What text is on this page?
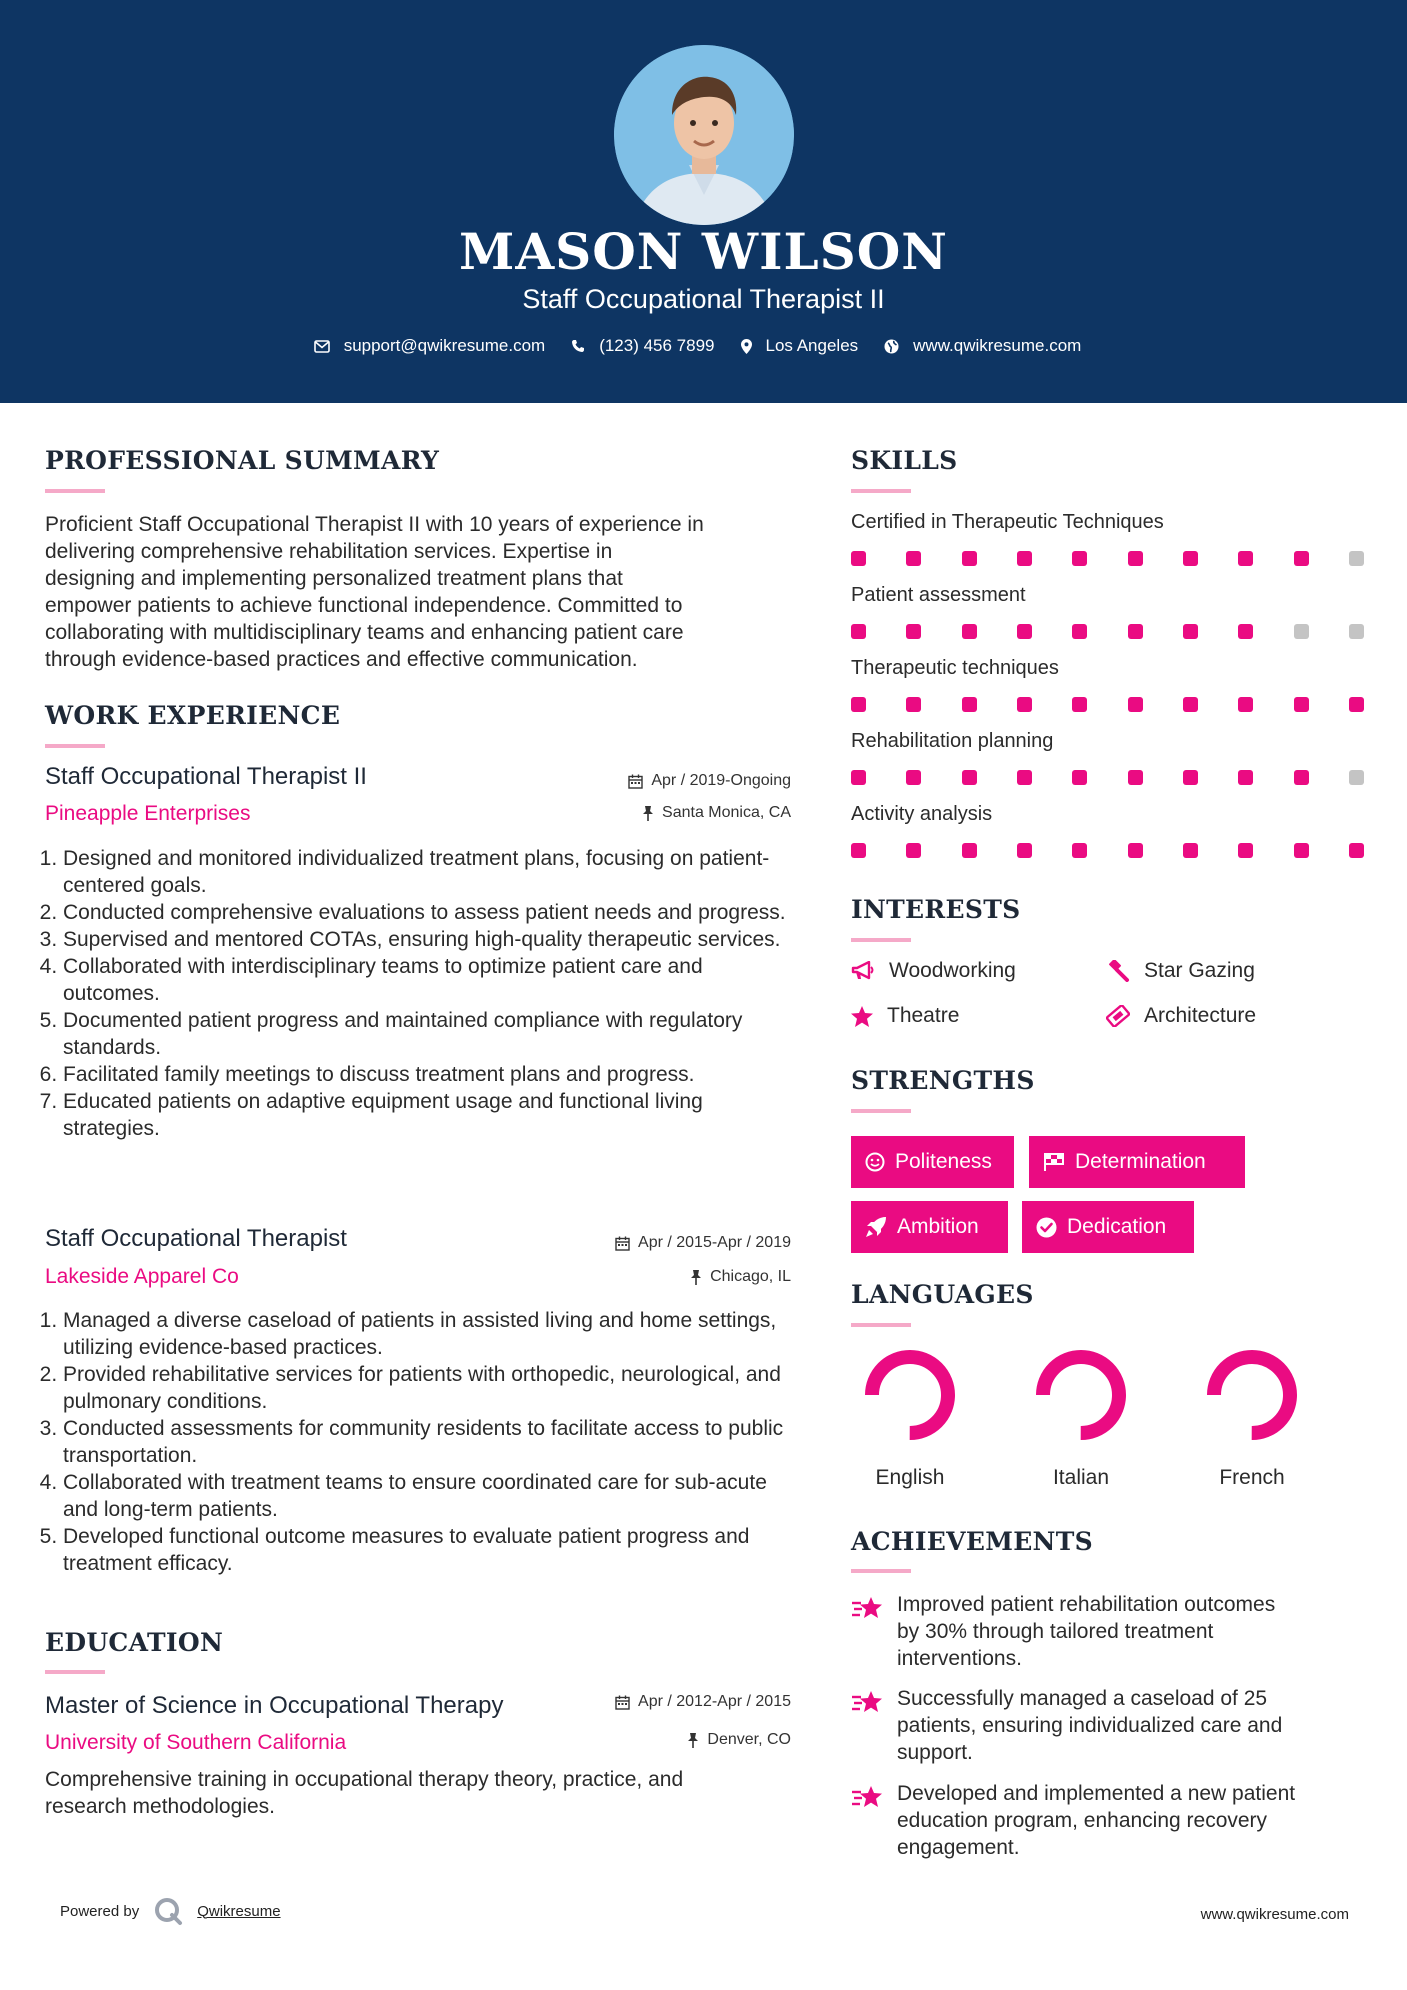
MASON WILSON
Staff Occupational Therapist II
support@qwikresume.com	(123) 456 7899	Los Angeles	www.qwikresume.com
PROFESSIONAL SUMMARY
Proficient Staff Occupational Therapist II with 10 years of experience in
delivering comprehensive rehabilitation services. Expertise in
designing and implementing personalized treatment plans that
empower patients to achieve functional independence. Committed to
collaborating with multidisciplinary teams and enhancing patient care
through evidence-based practices and effective communication.
WORK EXPERIENCE
Staff Occupational Therapist II
Pineapple Enterprises
Apr / 2019-Ongoing
Santa Monica, CA
1. Designed and monitored individualized treatment plans, focusing on patient-centered goals.
2. Conducted comprehensive evaluations to assess patient needs and progress.
3. Supervised and mentored COTAs, ensuring high-quality therapeutic services.
4. Collaborated with interdisciplinary teams to optimize patient care and outcomes.
5. Documented patient progress and maintained compliance with regulatory standards.
6. Facilitated family meetings to discuss treatment plans and progress.
7. Educated patients on adaptive equipment usage and functional living strategies.
Staff Occupational Therapist
Lakeside Apparel Co
Apr / 2015-Apr / 2019
Chicago, IL
1. Managed a diverse caseload of patients in assisted living and home settings, utilizing evidence-based practices.
2. Provided rehabilitative services for patients with orthopedic, neurological, and pulmonary conditions.
3. Conducted assessments for community residents to facilitate access to public transportation.
4. Collaborated with treatment teams to ensure coordinated care for sub-acute and long-term patients.
5. Developed functional outcome measures to evaluate patient progress and treatment efficacy.
EDUCATION
Master of Science in Occupational Therapy
University of Southern California
Apr / 2012-Apr / 2015
Denver, CO
Comprehensive training in occupational therapy theory, practice, and
research methodologies.
SKILLS
Certified in Therapeutic Techniques
Patient assessment
Therapeutic techniques
Rehabilitation planning
Activity analysis
INTERESTS
Woodworking	Star Gazing
Theatre	Architecture
STRENGTHS
Politeness	Determination
Ambition	Dedication
LANGUAGES
English	Italian	French
ACHIEVEMENTS
Improved patient rehabilitation outcomes
by 30% through tailored treatment
interventions.
Successfully managed a caseload of 25
patients, ensuring individualized care and
support.
Developed and implemented a new patient
education program, enhancing recovery
engagement.
Powered by	Qwikresume	www.qwikresume.com
